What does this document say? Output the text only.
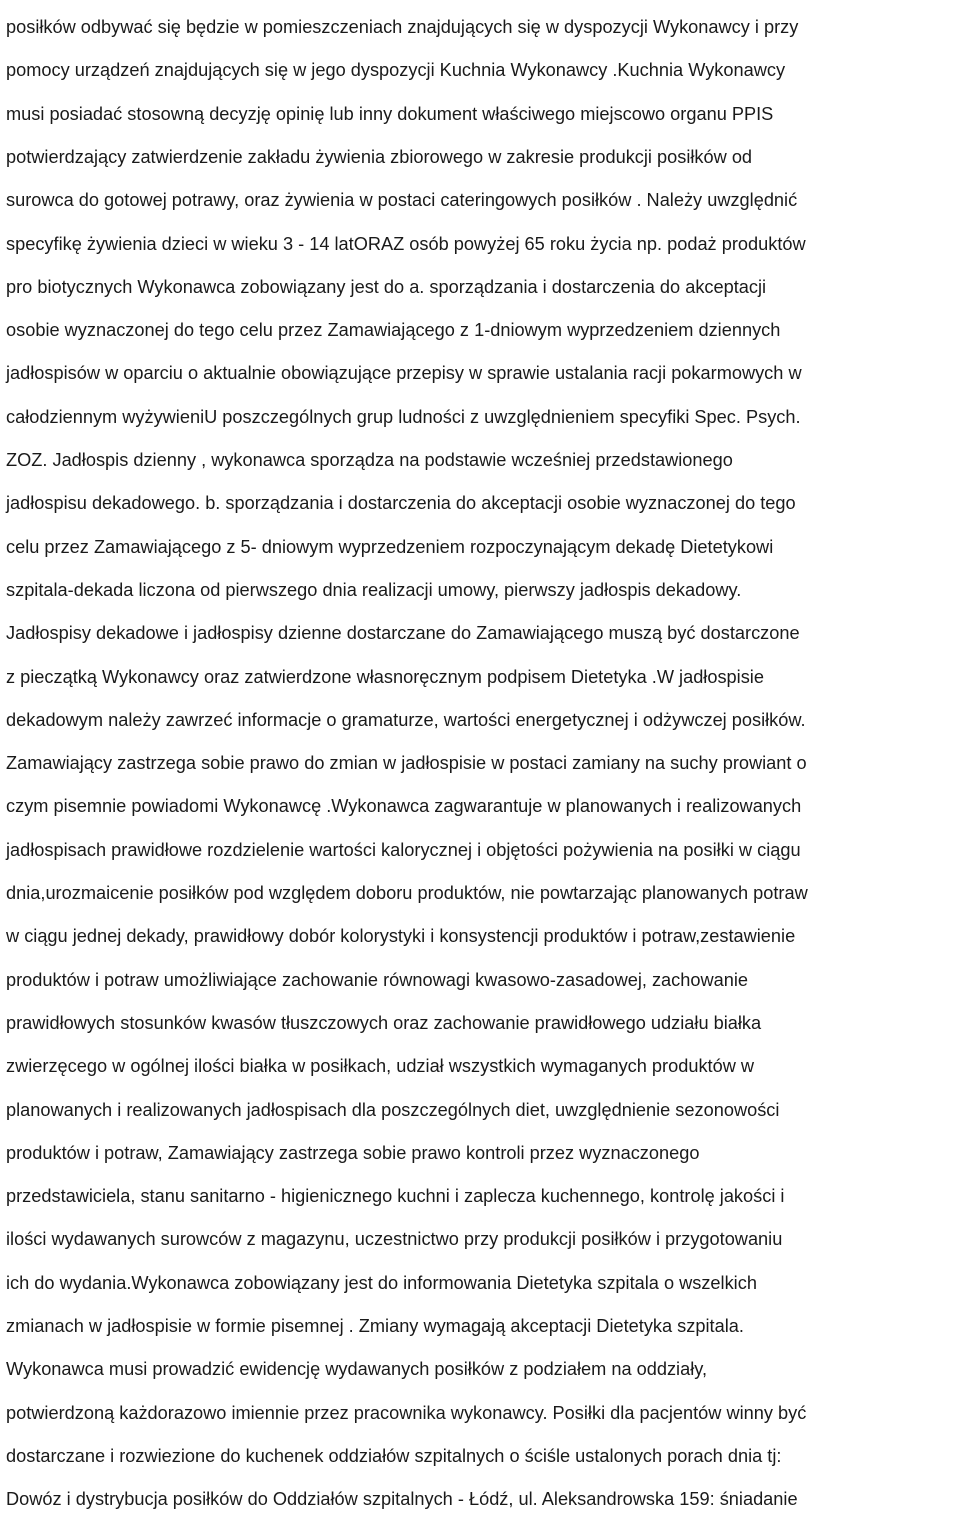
posiłków odbywać się będzie w pomieszczeniach znajdujących się w dyspozycji Wykonawcy i przy
pomocy urządzeń znajdujących się w jego dyspozycji Kuchnia Wykonawcy .Kuchnia Wykonawcy
musi posiadać stosowną decyzję opinię lub inny dokument właściwego miejscowo organu PPIS
potwierdzający zatwierdzenie zakładu żywienia zbiorowego w zakresie produkcji posiłków od
surowca do gotowej potrawy, oraz żywienia w postaci cateringowych posiłków . Należy uwzględnić
specyfikę żywienia dzieci w wieku 3 - 14 latORAZ osób powyżej 65 roku życia np. podaż produktów
pro biotycznych Wykonawca zobowiązany jest do a. sporządzania i dostarczenia do akceptacji
osobie wyznaczonej do tego celu przez Zamawiającego z 1-dniowym wyprzedzeniem dziennych
jadłospisów w oparciu o aktualnie obowiązujące przepisy w sprawie ustalania racji pokarmowych w
całodziennym wyżywieniU poszczególnych grup ludności z uwzględnieniem specyfiki Spec. Psych.
ZOZ. Jadłospis dzienny , wykonawca sporządza na podstawie wcześniej przedstawionego
jadłospisu dekadowego. b. sporządzania i dostarczenia do akceptacji osobie wyznaczonej do tego
celu przez Zamawiającego z 5- dniowym wyprzedzeniem rozpoczynającym dekadę Dietetykowi
szpitala-dekada liczona od pierwszego dnia realizacji umowy, pierwszy jadłospis dekadowy.
Jadłospisy dekadowe i jadłospisy dzienne dostarczane do Zamawiającego muszą być dostarczone
z pieczątką Wykonawcy oraz zatwierdzone własnoręcznym podpisem Dietetyka .W jadłospisie
dekadowym należy zawrzeć informacje o gramaturze, wartości energetycznej i odżywczej posiłków.
Zamawiający zastrzega sobie prawo do zmian w jadłospisie w postaci zamiany na suchy prowiant o
czym pisemnie powiadomi Wykonawcę .Wykonawca zagwarantuje w planowanych i realizowanych
jadłospisach prawidłowe rozdzielenie wartości kalorycznej i objętości pożywienia na posiłki w ciągu
dnia,urozmaicenie posiłków pod względem doboru produktów, nie powtarzając planowanych potraw
w ciągu jednej dekady, prawidłowy dobór kolorystyki i konsystencji produktów i potraw,zestawienie
produktów i potraw umożliwiające zachowanie równowagi kwasowo-zasadowej, zachowanie
prawidłowych stosunków kwasów tłuszczowych oraz zachowanie prawidłowego udziału białka
zwierzęcego w ogólnej ilości białka w posiłkach, udział wszystkich wymaganych produktów w
planowanych i realizowanych jadłospisach dla poszczególnych diet, uwzględnienie sezonowości
produktów i potraw, Zamawiający zastrzega sobie prawo kontroli przez wyznaczonego
przedstawiciela, stanu sanitarno - higienicznego kuchni i zaplecza kuchennego, kontrolę jakości i
ilości wydawanych surowców z magazynu, uczestnictwo przy produkcji posiłków i przygotowaniu
ich do wydania.Wykonawca zobowiązany jest do informowania Dietetyka szpitala o wszelkich
zmianach w jadłospisie w formie pisemnej . Zmiany wymagają akceptacji Dietetyka szpitala.
Wykonawca musi prowadzić ewidencję wydawanych posiłków z podziałem na oddziały,
potwierdzoną każdorazowo imiennie przez pracownika wykonawcy. Posiłki dla pacjentów winny być
dostarczane i rozwiezione do kuchenek oddziałów szpitalnych o ściśle ustalonych porach dnia tj:
Dowóz i dystrybucja posiłków do Oddziałów szpitalnych - Łódź, ul. Aleksandrowska 159: śniadanie
